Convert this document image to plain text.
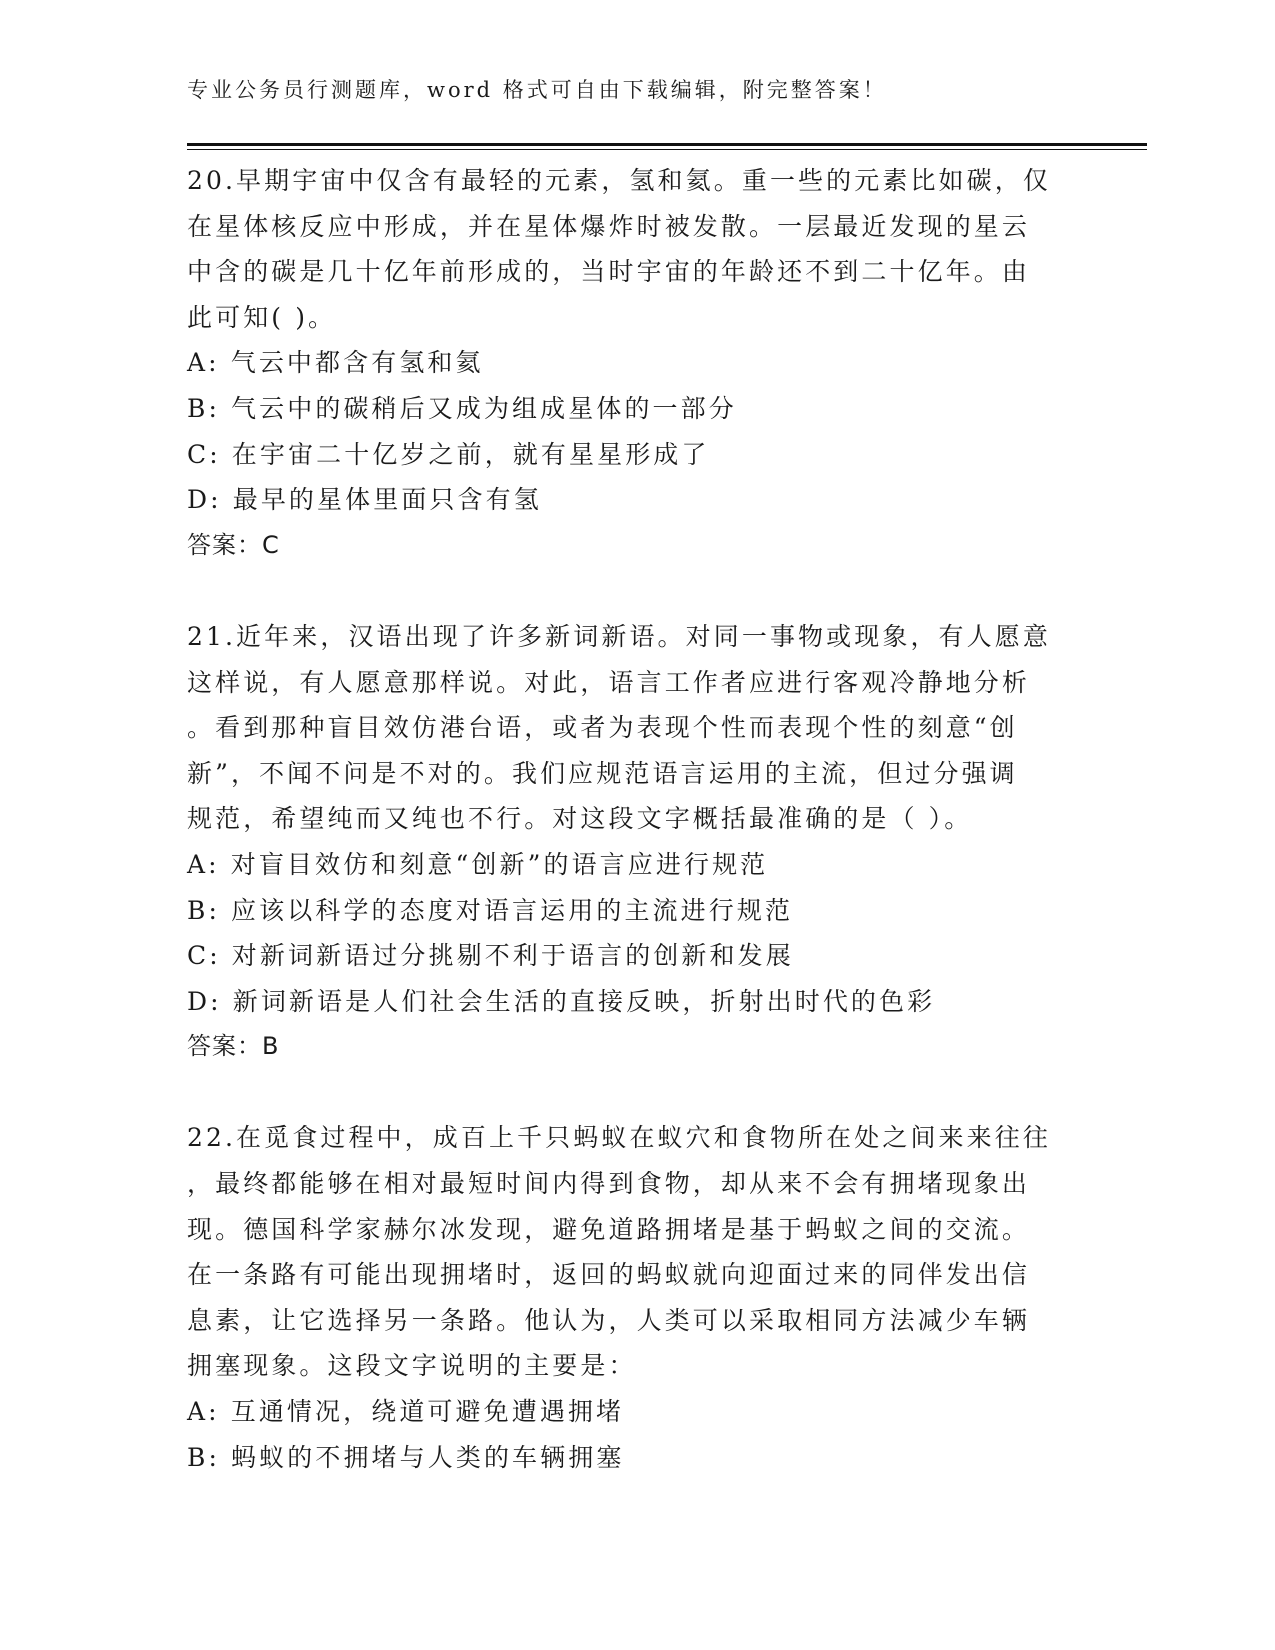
专业公务员行测题库，word 格式可自由下载编辑，附完整答案！
20.早期宇宙中仅含有最轻的元素，氢和氦。重一些的元素比如碳，仅
在星体核反应中形成，并在星体爆炸时被发散。一层最近发现的星云
中含的碳是几十亿年前形成的，当时宇宙的年龄还不到二十亿年。由
此可知( )。
A: 气云中都含有氢和氦
B: 气云中的碳稍后又成为组成星体的一部分
C: 在宇宙二十亿岁之前，就有星星形成了
D: 最早的星体里面只含有氢
答案：C
21.近年来，汉语出现了许多新词新语。对同一事物或现象，有人愿意
这样说，有人愿意那样说。对此，语言工作者应进行客观冷静地分析
。看到那种盲目效仿港台语，或者为表现个性而表现个性的刻意“创
新”，不闻不问是不对的。我们应规范语言运用的主流，但过分强调
规范，希望纯而又纯也不行。对这段文字概括最准确的是（ ）。
A: 对盲目效仿和刻意“创新”的语言应进行规范
B: 应该以科学的态度对语言运用的主流进行规范
C: 对新词新语过分挑剔不利于语言的创新和发展
D: 新词新语是人们社会生活的直接反映，折射出时代的色彩
答案：B
22.在觅食过程中，成百上千只蚂蚁在蚁穴和食物所在处之间来来往往
，最终都能够在相对最短时间内得到食物，却从来不会有拥堵现象出
现。德国科学家赫尔冰发现，避免道路拥堵是基于蚂蚁之间的交流。
在一条路有可能出现拥堵时，返回的蚂蚁就向迎面过来的同伴发出信
息素，让它选择另一条路。他认为，人类可以采取相同方法减少车辆
拥塞现象。这段文字说明的主要是：
A: 互通情况，绕道可避免遭遇拥堵
B: 蚂蚁的不拥堵与人类的车辆拥塞
